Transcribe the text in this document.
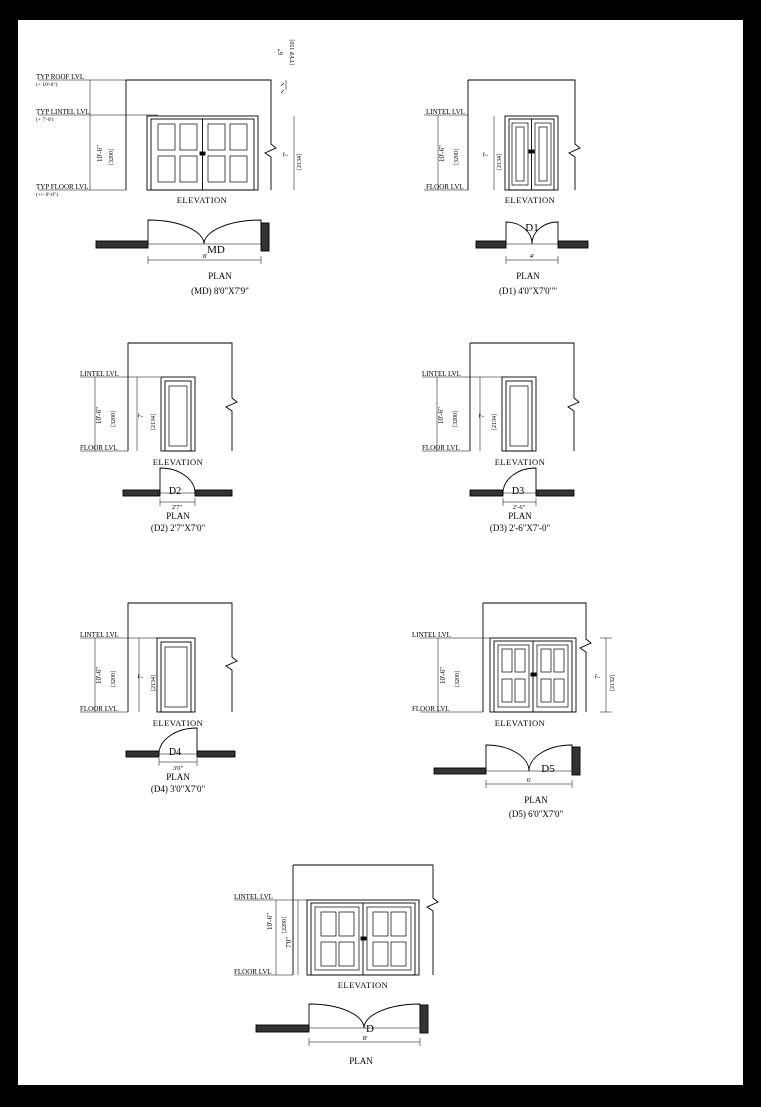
TYP ROOF LVL
(+ 10'-0")
TYP LINTEL LVL
(+ 7'-0')
TYP FLOOR LVL
(+/- 0'-0")
10'-6" [3200]	7' [2134]
6" [TYP 150]
ELEVATION
MD
8'
PLAN
(MD) 8'0"X7'9"
LINTEL LVL
FLOOR LVL
10'-6" [3200]	7' [2134]
ELEVATION
D1
4'
PLAN
(D1) 4'0"X7'0""
LINTEL LVL
FLOOR LVL
10'-6" [3200]	7' [2134]
ELEVATION
D2
2'7"
PLAN
(D2) 2'7"X7'0"
LINTEL LVL
FLOOR LVL
10'-6" [3200]	7' [2134]
ELEVATION
D3
2'-6"
PLAN
(D3) 2'-6"X7'-0"
LINTEL LVL
FLOOR LVL
10'-6" [3200]	7' [2134]
ELEVATION
D4
3'0"
PLAN
(D4) 3'0"X7'0"
LINTEL LVL
FLOOR LVL
10'-6" [3200]	7' [2132]
ELEVATION
D5
6'
PLAN
(D5) 6'0"X7'0"
LINTEL LVL
FLOOR LVL
10'-6" [2200]
7'0"
ELEVATION
D
8'
PLAN
